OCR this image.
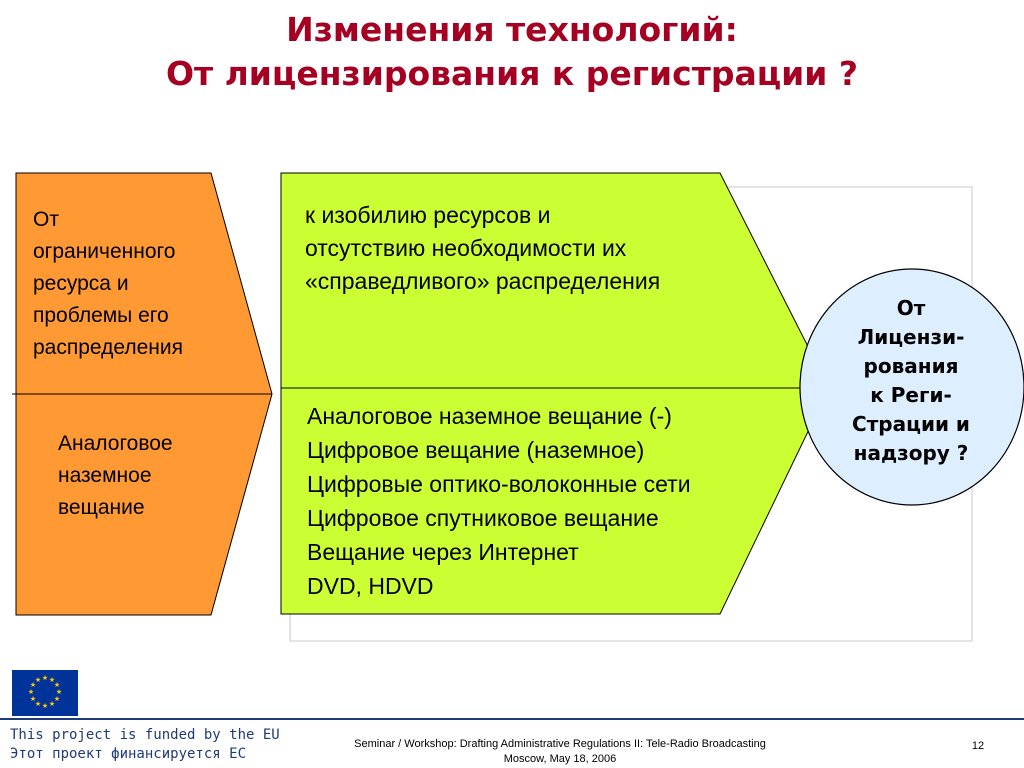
Изменения технологий:
От лицензирования к регистрации ?
От
ограниченного
ресурса и
проблемы его
распределения
Аналоговое
наземное
вещание
к изобилию ресурсов и
отсутствию необходимости их
«справедливого» распределения
Аналоговое наземное вещание (-)
Цифровое вещание (наземное)
Цифровые оптико-волоконные сети
Цифровое спутниковое вещание
Вещание через Интернет
DVD, HDVD
От
Лицензи-
рования
к Реги-
Страции и
надзору ?
★ ★
★
★
★
★
★
★
★
★
★
★
This project is funded by the EU
Этот проект финансируется ЕС
Seminar / Workshop: Drafting Administrative Regulations II: Tele-Radio Broadcasting
Moscow, May 18, 2006
12
